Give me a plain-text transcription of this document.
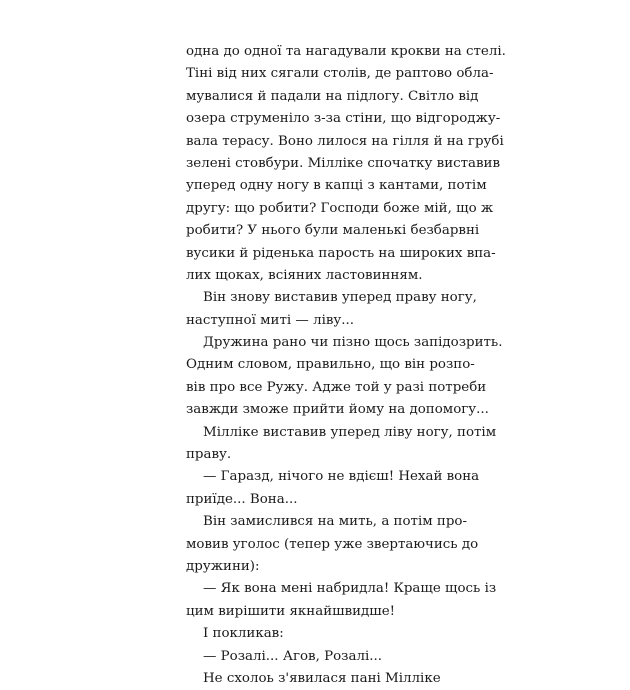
одна до одної та нагадували крокви на стелі.
Тіні від них сягали столів, де раптово обла-
мувалися й падали на підлогу. Світло від
озера струменіло з-за стіни, що відгороджу-
вала терасу. Воно лилося на гілля й на грубі
зелені стовбури. Мілліке спочатку виставив
уперед одну ногу в капці з кантами, потім
другу: що робити? Господи боже мій, що ж
робити? У нього були маленькі безбарвні
вусики й ріденька парость на широких впа-
лих щоках, всіяних ластовинням.
Він знову виставив уперед праву ногу,
наступної миті — ліву...
Дружина рано чи пізно щось запідозрить.
Одним словом, правильно, що він розпо-
вів про все Ружу. Адже той у разі потреби
завжди зможе прийти йому на допомогу...
Мілліке виставив уперед ліву ногу, потім
праву.
— Гаразд, нічого не вдієш! Нехай вона
приїде... Вона...
Він замислився на мить, а потім про-
мовив уголос (тепер уже звертаючись до
дружини):
— Як вона мені набридла! Краще щось із
цим вирішити якнайшвидше!
І покликав:
— Розалі... Агов, Розалі...
Не схолоь з'явилася пані Мілліке
